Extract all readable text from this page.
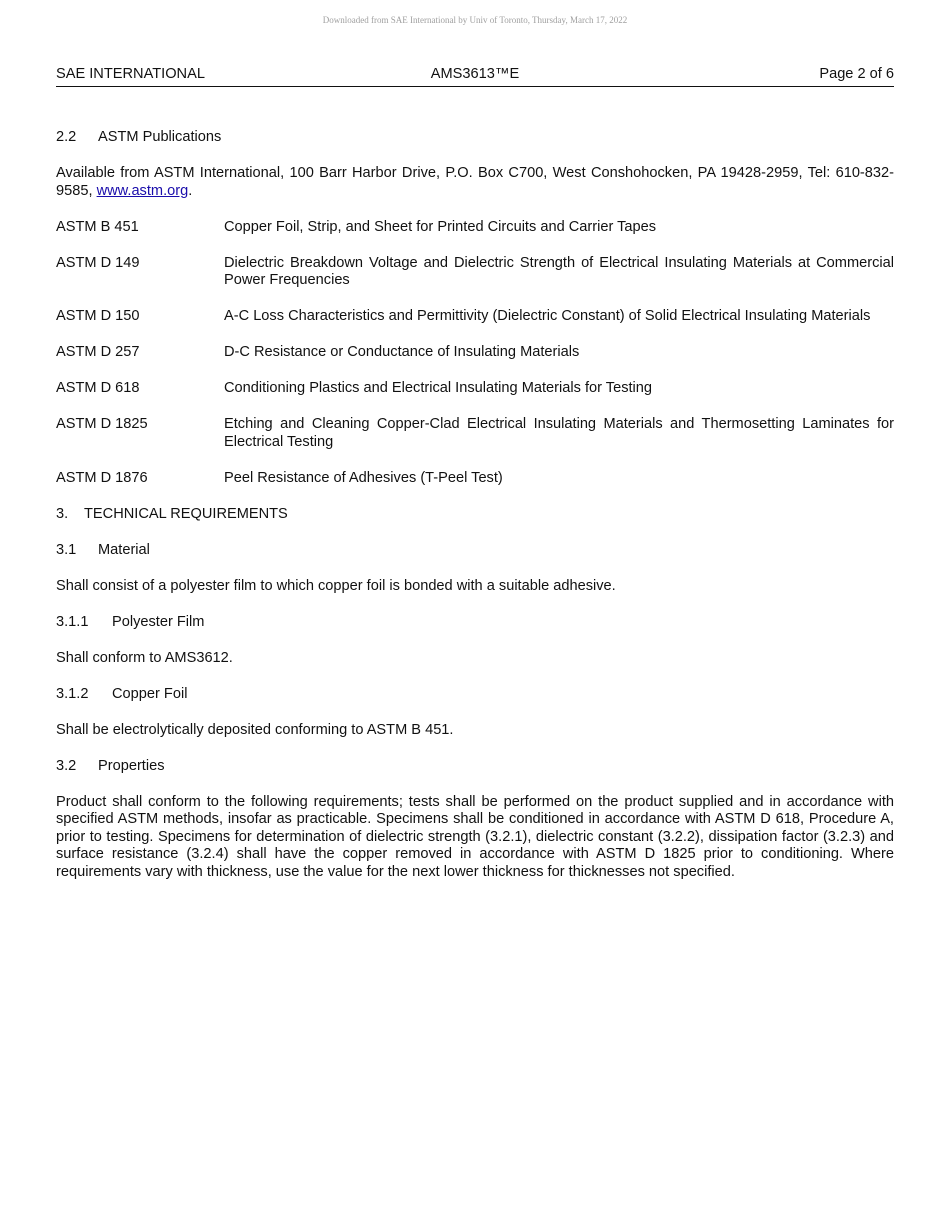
Downloaded from SAE International by Univ of Toronto, Thursday, March 17, 2022
SAE INTERNATIONAL	AMS3613™E	Page 2 of 6
2.2 ASTM Publications

Available from ASTM International, 100 Barr Harbor Drive, P.O. Box C700, West Conshohocken, PA 19428-2959, Tel: 610-832-9585, www.astm.org.

ASTM B 451	Copper Foil, Strip, and Sheet for Printed Circuits and Carrier Tapes
ASTM D 149	Dielectric Breakdown Voltage and Dielectric Strength of Electrical Insulating Materials at Commercial Power Frequencies
ASTM D 150	A-C Loss Characteristics and Permittivity (Dielectric Constant) of Solid Electrical Insulating Materials
ASTM D 257	D-C Resistance or Conductance of Insulating Materials
ASTM D 618	Conditioning Plastics and Electrical Insulating Materials for Testing
ASTM D 1825	Etching and Cleaning Copper-Clad Electrical Insulating Materials and Thermosetting Laminates for Electrical Testing
ASTM D 1876	Peel Resistance of Adhesives (T-Peel Test)
3. TECHNICAL REQUIREMENTS
3.1 Material

Shall consist of a polyester film to which copper foil is bonded with a suitable adhesive.

3.1.1 Polyester Film

Shall conform to AMS3612.

3.1.2 Copper Foil

Shall be electrolytically deposited conforming to ASTM B 451.

3.2 Properties

Product shall conform to the following requirements; tests shall be performed on the product supplied and in accordance with specified ASTM methods, insofar as practicable. Specimens shall be conditioned in accordance with ASTM D 618, Procedure A, prior to testing. Specimens for determination of dielectric strength (3.2.1), dielectric constant (3.2.2), dissipation factor (3.2.3) and surface resistance (3.2.4) shall have the copper removed in accordance with ASTM D 1825 prior to conditioning. Where requirements vary with thickness, use the value for the next lower thickness for thicknesses not specified.
